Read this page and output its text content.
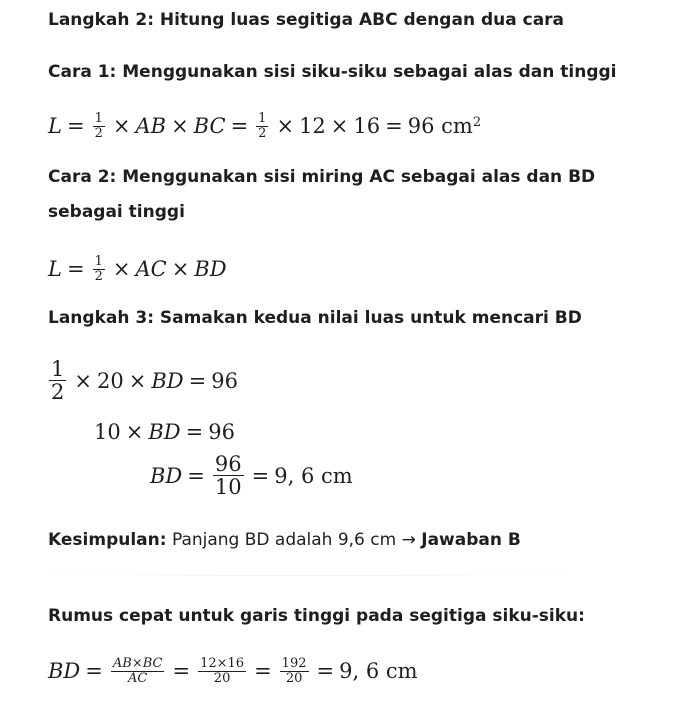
Langkah 2: Hitung luas segitiga ABC dengan dua cara
Cara 1: Menggunakan sisi siku-siku sebagai alas dan tinggi
$L = \frac{1}{2}$ × AB × BC = $\frac{1}{2} \times 12 \times 16 = 96$ cm 2
Cara 2: Menggunakan sisi miring AC sebagai alas dan BD
sebagai tinggi
$L = \frac{1}{2}$ × AC × BD
Langkah 3: Samakan kedua nilai luas untuk mencari BD
$\frac{1}{2} \times 20$ × BD = 96
10 × BD = 96
BD = $\frac{96}{10} = 9$, 6 cm
Kesimpulan: Panjang BD adalah 9,6 cm → Jawaban B
Rumus cepat untuk garis tinggi pada segitiga siku-siku:
BD = $\frac{AB\times BC}{AC} = \frac{12\times 16}{20} = \frac{192}{20} = 9$, 6 cm
